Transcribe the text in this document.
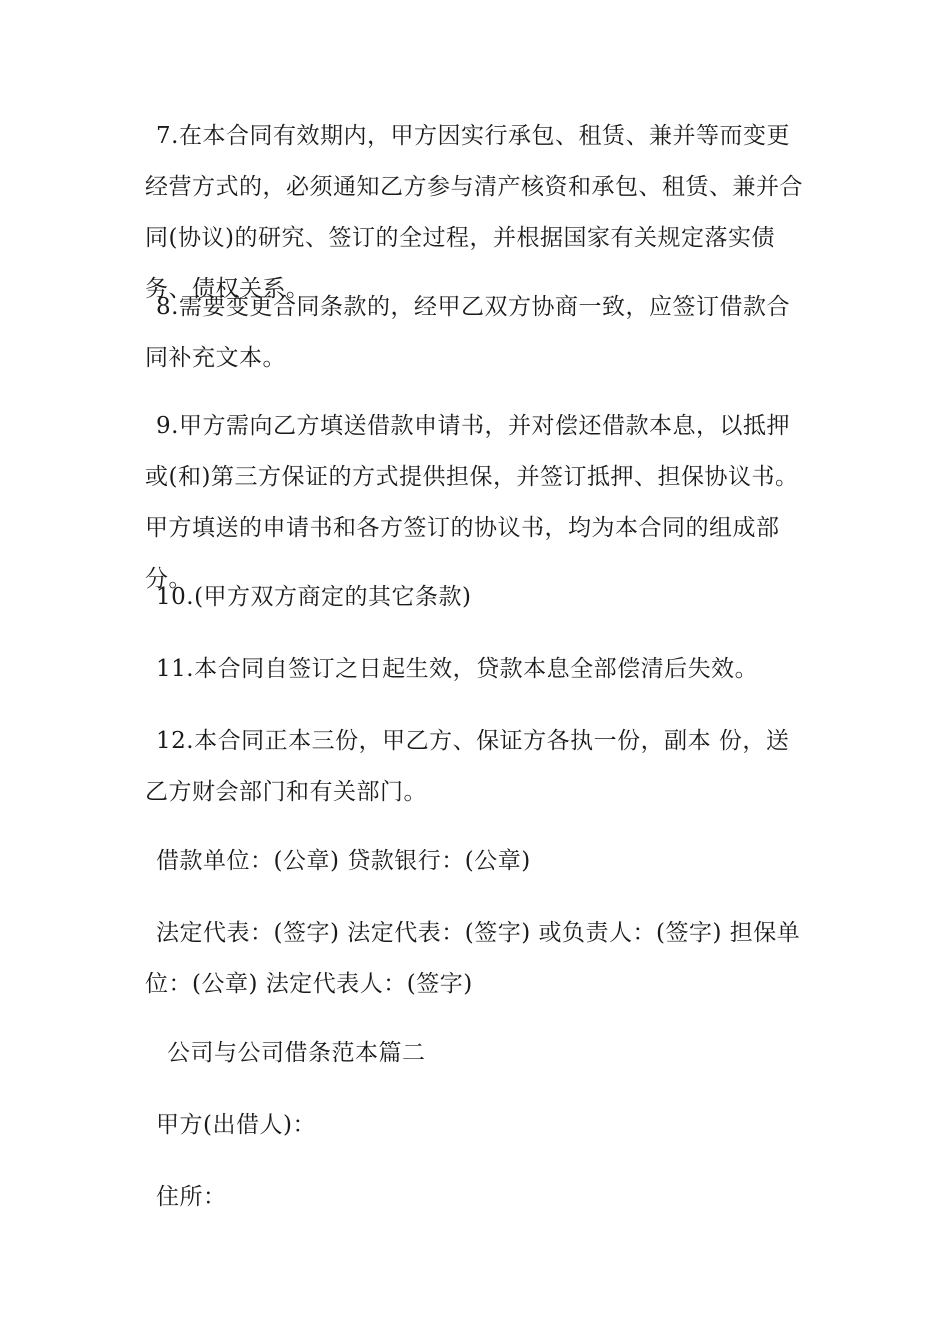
7.在本合同有效期内，甲方因实行承包、租赁、兼并等而变更经营方式的，必须通知乙方参与清产核资和承包、租赁、兼并合同(协议)的研究、签订的全过程，并根据国家有关规定落实债务、债权关系。

8.需要变更合同条款的，经甲乙双方协商一致，应签订借款合同补充文本。

9.甲方需向乙方填送借款申请书，并对偿还借款本息，以抵押或(和)第三方保证的方式提供担保，并签订抵押、担保协议书。甲方填送的申请书和各方签订的协议书，均为本合同的组成部分。

10.(甲方双方商定的其它条款)

11.本合同自签订之日起生效，贷款本息全部偿清后失效。

12.本合同正本三份，甲乙方、保证方各执一份，副本 份，送乙方财会部门和有关部门。

借款单位：(公章) 贷款银行：(公章)

法定代表：(签字) 法定代表：(签字) 或负责人：(签字) 担保单位：(公章) 法定代表人：(签字)

公司与公司借条范本篇二

甲方(出借人)：

住所：
